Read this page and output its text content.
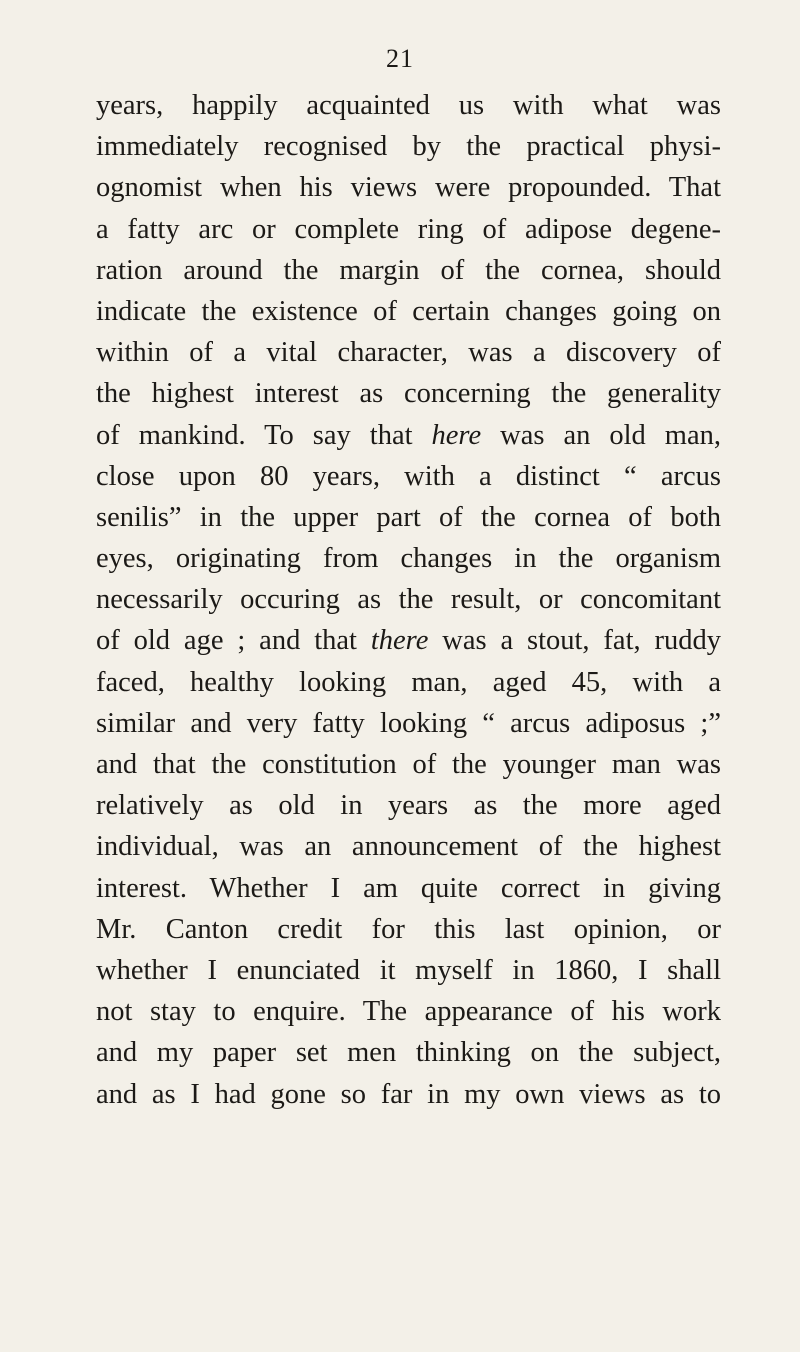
21
years, happily acquainted us with what was
immediately recognised by the practical physi-
ognomist when his views were propounded. That
a fatty arc or complete ring of adipose degene-
ration around the margin of the cornea, should
indicate the existence of certain changes going on
within of a vital character, was a discovery of
the highest interest as concerning the generality
of mankind. To say that here was an old man,
close upon 80 years, with a distinct “ arcus
senilis” in the upper part of the cornea of both
eyes, originating from changes in the organism
necessarily occuring as the result, or concomitant
of old age ; and that there was a stout, fat, ruddy
faced, healthy looking man, aged 45, with a
similar and very fatty looking “ arcus adiposus ;”
and that the constitution of the younger man was
relatively as old in years as the more aged
individual, was an announcement of the highest
interest. Whether I am quite correct in giving
Mr. Canton credit for this last opinion, or
whether I enunciated it myself in 1860, I shall
not stay to enquire. The appearance of his work
and my paper set men thinking on the subject,
and as I had gone so far in my own views as to
